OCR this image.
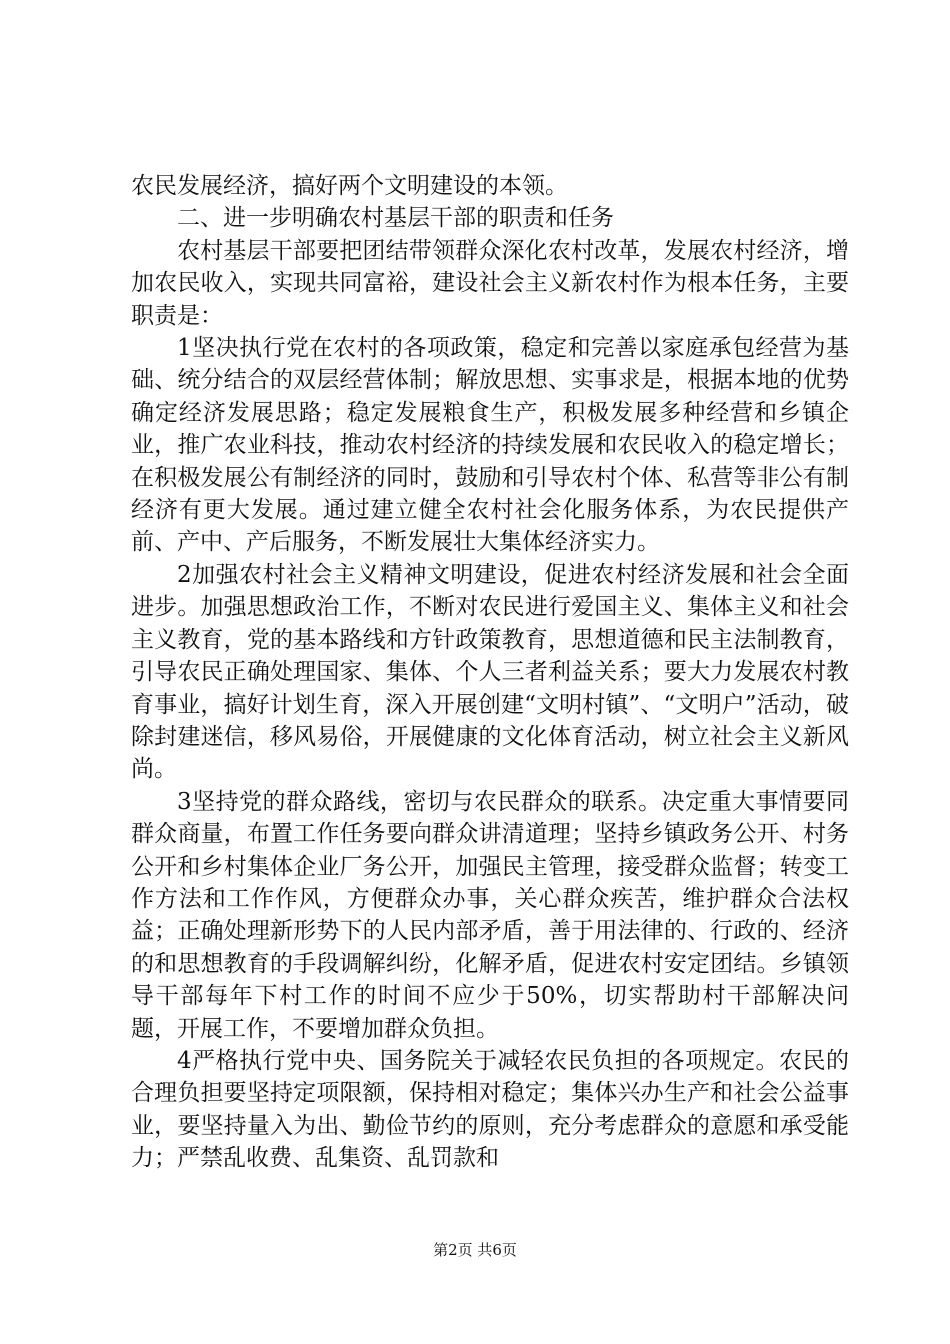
农民发展经济，搞好两个文明建设的本领。

二、进一步明确农村基层干部的职责和任务

农村基层干部要把团结带领群众深化农村改革，发展农村经济，增加农民收入，实现共同富裕，建设社会主义新农村作为根本任务，主要职责是：

1坚决执行党在农村的各项政策，稳定和完善以家庭承包经营为基础、统分结合的双层经营体制；解放思想、实事求是，根据本地的优势确定经济发展思路；稳定发展粮食生产，积极发展多种经营和乡镇企业，推广农业科技，推动农村经济的持续发展和农民收入的稳定增长；在积极发展公有制经济的同时，鼓励和引导农村个体、私营等非公有制经济有更大发展。通过建立健全农村社会化服务体系，为农民提供产前、产中、产后服务，不断发展壮大集体经济实力。

2加强农村社会主义精神文明建设，促进农村经济发展和社会全面进步。加强思想政治工作，不断对农民进行爱国主义、集体主义和社会主义教育，党的基本路线和方针政策教育，思想道德和民主法制教育，引导农民正确处理国家、集体、个人三者利益关系；要大力发展农村教育事业，搞好计划生育，深入开展创建“文明村镇”、“文明户”活动，破除封建迷信，移风易俗，开展健康的文化体育活动，树立社会主义新风尚。

3坚持党的群众路线，密切与农民群众的联系。决定重大事情要同群众商量，布置工作任务要向群众讲清道理；坚持乡镇政务公开、村务公开和乡村集体企业厂务公开，加强民主管理，接受群众监督；转变工作方法和工作作风，方便群众办事，关心群众疾苦，维护群众合法权益；正确处理新形势下的人民内部矛盾，善于用法律的、行政的、经济的和思想教育的手段调解纠纷，化解矛盾，促进农村安定团结。乡镇领导干部每年下村工作的时间不应少于50%，切实帮助村干部解决问题，开展工作，不要增加群众负担。

4严格执行党中央、国务院关于减轻农民负担的各项规定。农民的合理负担要坚持定项限额，保持相对稳定；集体兴办生产和社会公益事业，要坚持量入为出、勤俭节约的原则，充分考虑群众的意愿和承受能力；严禁乱收费、乱集资、乱罚款和

第2页 共6页
